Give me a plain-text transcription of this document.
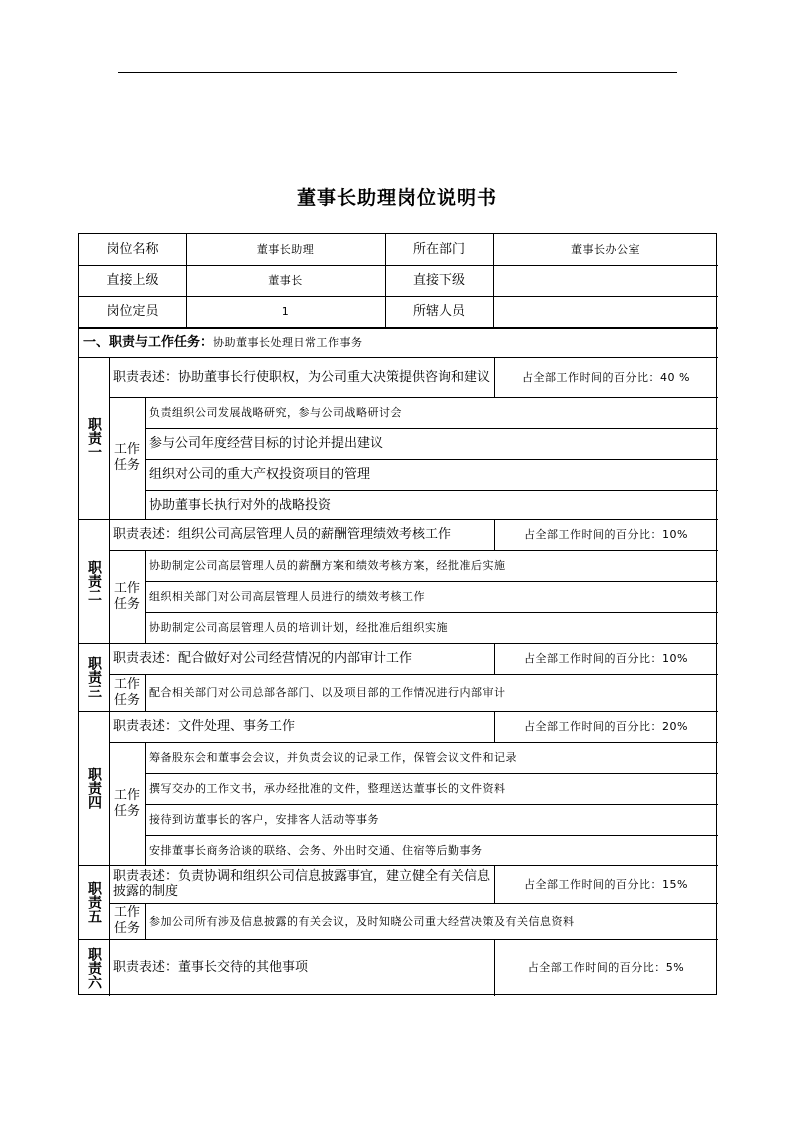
董事长助理岗位说明书
岗位名称	董事长助理	所在部门	董事长办公室
直接上级	董事长	直接下级
岗位定员	1	所辖人员
一、职责与工作任务： 协助董事长处理日常工作事务
职责一
职责表述：协助董事长行使职权，为公司重大决策提供咨询和建议	占全部工作时间的百分比：40 %
工作任务
负责组织公司发展战略研究，参与公司战略研讨会
参与公司年度经营目标的讨论并提出建议
组织对公司的重大产权投资项目的管理
协助董事长执行对外的战略投资
职责二
职责表述：组织公司高层管理人员的薪酬管理绩效考核工作	占全部工作时间的百分比：10%
工作任务
协助制定公司高层管理人员的薪酬方案和绩效考核方案，经批准后实施
组织相关部门对公司高层管理人员进行的绩效考核工作
协助制定公司高层管理人员的培训计划，经批准后组织实施
职责三 职责表述：配合做好对公司经营情况的内部审计工作	占全部工作时间的百分比：10%
工作任务 配合相关部门对公司总部各部门、以及项目部的工作情况进行内部审计
职责四
职责表述：文件处理、事务工作	占全部工作时间的百分比：20%
工作任务
筹备股东会和董事会会议，并负责会议的记录工作，保管会议文件和记录
撰写交办的工作文书，承办经批准的文件，整理送达董事长的文件资料
接待到访董事长的客户，安排客人活动等事务
安排董事长商务洽谈的联络、会务、外出时交通、住宿等后勤事务
职责五
职责表述：负责协调和组织公司信息披露事宜，建立健全有关信息披露的制度	占全部工作时间的百分比：15%
工作任务 参加公司所有涉及信息披露的有关会议，及时知晓公司重大经营决策及有关信息资料
职责六 职责表述：董事长交待的其他事项	占全部工作时间的百分比：5%
